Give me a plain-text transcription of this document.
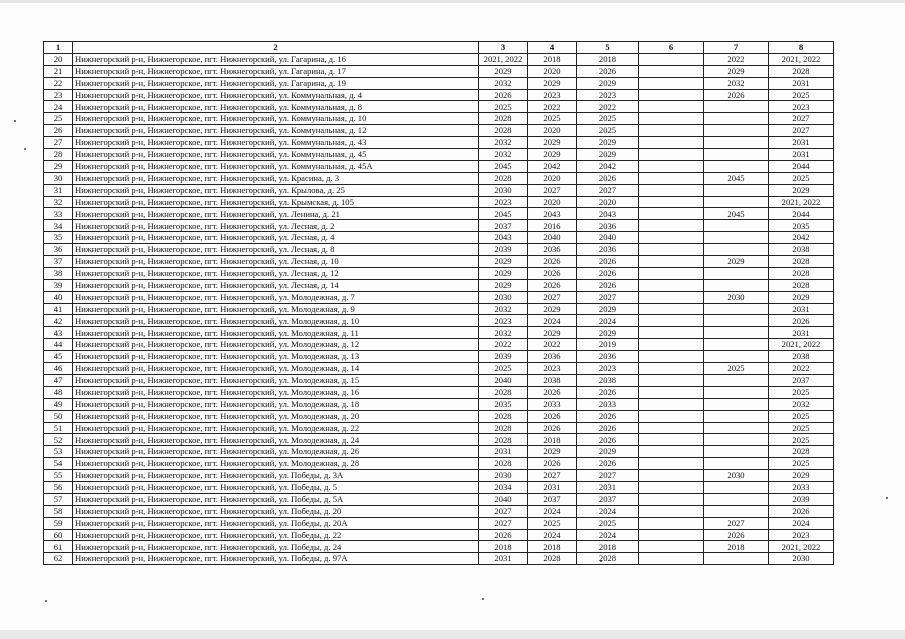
1	2	3	4	5	6	7	8
20	Нижнегорский р-н, Нижнегорское, пгт. Нижнегорский, ул. Гагарина, д. 16	2021, 2022	2018	2018		2022	2021, 2022
21	Нижнегорский р-н, Нижнегорское, пгт. Нижнегорский, ул. Гагарина, д. 17	2029	2020	2026		2029	2028
22	Нижнегорский р-н, Нижнегорское, пгт. Нижнегорский, ул. Гагарина, д. 19	2032	2029	2029		2032	2031
23	Нижнегорский р-н, Нижнегорское, пгт. Нижнегорский, ул. Коммунальная, д. 4	2026	2023	2023		2026	2025
24	Нижнегорский р-н, Нижнегорское, пгт. Нижнегорский, ул. Коммунальная, д. 8	2025	2022	2022			2023
25	Нижнегорский р-н, Нижнегорское, пгт. Нижнегорский, ул. Коммунальная, д. 10	2028	2025	2025			2027
26	Нижнегорский р-н, Нижнегорское, пгт. Нижнегорский, ул. Коммунальная, д. 12	2028	2020	2025			2027
27	Нижнегорский р-н, Нижнегорское, пгт. Нижнегорский, ул. Коммунальная, д. 43	2032	2029	2029			2031
28	Нижнегорский р-н, Нижнегорское, пгт. Нижнегорский, ул. Коммунальная, д. 45	2032	2029	2029			2031
29	Нижнегорский р-н, Нижнегорское, пгт. Нижнегорский, ул. Коммунальная, д. 45А	2045	2042	2042			2044
30	Нижнегорский р-н, Нижнегорское, пгт. Нижнегорский, ул. Красина, д. 3	2028	2020	2026		2045	2025
31	Нижнегорский р-н, Нижнегорское, пгт. Нижнегорский, ул. Крылова, д. 25	2030	2027	2027			2029
32	Нижнегорский р-н, Нижнегорское, пгт. Нижнегорский, ул. Крымская, д. 105	2023	2020	2020			2021, 2022
33	Нижнегорский р-н, Нижнегорское, пгт. Нижнегорский, ул. Ленина, д. 21	2045	2043	2043		2045	2044
34	Нижнегорский р-н, Нижнегорское, пгт. Нижнегорский, ул. Лесная, д. 2	2037	2016	2036			2035
35	Нижнегорский р-н, Нижнегорское, пгт. Нижнегорский, ул. Лесная, д. 4	2043	2040	2040			2042
36	Нижнегорский р-н, Нижнегорское, пгт. Нижнегорский, ул. Лесная, д. 8	2039	2036	2036			2038
37	Нижнегорский р-н, Нижнегорское, пгт. Нижнегорский, ул. Лесная, д. 10	2029	2026	2026		2029	2028
38	Нижнегорский р-н, Нижнегорское, пгт. Нижнегорский, ул. Лесная, д. 12	2029	2026	2026			2028
39	Нижнегорский р-н, Нижнегорское, пгт. Нижнегорский, ул. Лесная, д. 14	2029	2026	2026			2028
40	Нижнегорский р-н, Нижнегорское, пгт. Нижнегорский, ул. Молодежная, д. 7	2030	2027	2027		2030	2029
41	Нижнегорский р-н, Нижнегорское, пгт. Нижнегорский, ул. Молодежная, д. 9	2032	2029	2029			2031
42	Нижнегорский р-н, Нижнегорское, пгт. Нижнегорский, ул. Молодежная, д. 10	2023	2024	2024			2026
43	Нижнегорский р-н, Нижнегорское, пгт. Нижнегорский, ул. Молодежная, д. 11	2032	2029	2029			2031
44	Нижнегорский р-н, Нижнегорское, пгт. Нижнегорский, ул. Молодежная, д. 12	2022	2022	2019			2021, 2022
45	Нижнегорский р-н, Нижнегорское, пгт. Нижнегорский, ул. Молодежная, д. 13	2039	2036	2036			2038
46	Нижнегорский р-н, Нижнегорское, пгт. Нижнегорский, ул. Молодежная, д. 14	2025	2023	2023		2025	2022
47	Нижнегорский р-н, Нижнегорское, пгт. Нижнегорский, ул. Молодежная, д. 15	2040	2038	2038			2037
48	Нижнегорский р-н, Нижнегорское, пгт. Нижнегорский, ул. Молодежная, д. 16	2028	2026	2026			2025
49	Нижнегорский р-н, Нижнегорское, пгт. Нижнегорский, ул. Молодежная, д. 18	2035	2033	2033			2032
50	Нижнегорский р-н, Нижнегорское, пгт. Нижнегорский, ул. Молодежная, д. 20	2028	2026	2026			2025
51	Нижнегорский р-н, Нижнегорское, пгт. Нижнегорский, ул. Молодежная, д. 22	2028	2026	2026			2025
52	Нижнегорский р-н, Нижнегорское, пгт. Нижнегорский, ул. Молодежная, д. 24	2028	2018	2026			2025
53	Нижнегорский р-н, Нижнегорское, пгт. Нижнегорский, ул. Молодежная, д. 26	2031	2029	2029			2028
54	Нижнегорский р-н, Нижнегорское, пгт. Нижнегорский, ул. Молодежная, д. 28	2028	2026	2026			2025
55	Нижнегорский р-н, Нижнегорское, пгт. Нижнегорский, ул. Победы, д. 3А	2030	2027	2027		2030	2029
56	Нижнегорский р-н, Нижнегорское, пгт. Нижнегорский, ул. Победы, д. 5	2034	2031	2031			2033
57	Нижнегорский р-н, Нижнегорское, пгт. Нижнегорский, ул. Победы, д. 5А	2040	2037	2037			2039
58	Нижнегорский р-н, Нижнегорское, пгт. Нижнегорский, ул. Победы, д. 20	2027	2024	2024			2026
59	Нижнегорский р-н, Нижнегорское, пгт. Нижнегорский, ул. Победы, д. 20А	2027	2025	2025		2027	2024
60	Нижнегорский р-н, Нижнегорское, пгт. Нижнегорский, ул. Победы, д. 22	2026	2024	2024		2026	2023
61	Нижнегорский р-н, Нижнегорское, пгт. Нижнегорский, ул. Победы, д. 24	2018	2018	2018		2018	2021, 2022
62	Нижнегорский р-н, Нижнегорское, пгт. Нижнегорский, ул. Победы, д. 97А	2031	2028	2028			2030
